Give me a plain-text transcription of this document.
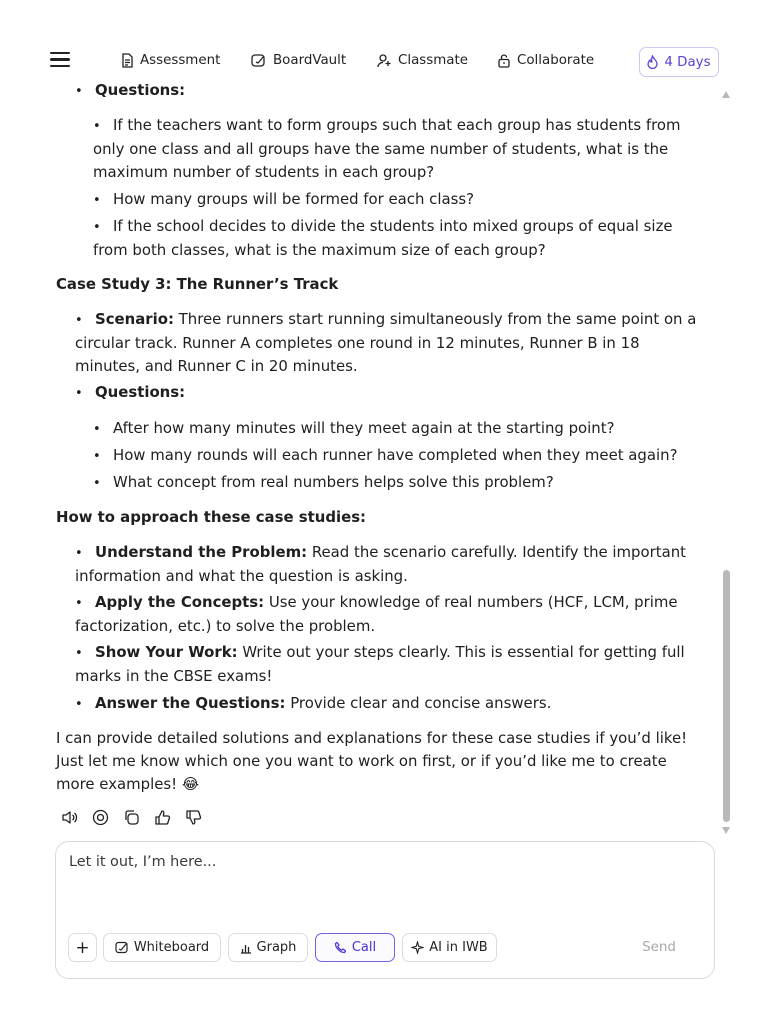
Assessment	BoardVault	Classmate	Collaborate	4 Days
• Questions:
• If the teachers want to form groups such that each group has students from only one class and all groups have the same number of students, what is the maximum number of students in each group?
• How many groups will be formed for each class?
• If the school decides to divide the students into mixed groups of equal size from both classes, what is the maximum size of each group?
Case Study 3: The Runner’s Track
• Scenario: Three runners start running simultaneously from the same point on a circular track. Runner A completes one round in 12 minutes, Runner B in 18 minutes, and Runner C in 20 minutes.
• Questions:
• After how many minutes will they meet again at the starting point?
• How many rounds will each runner have completed when they meet again?
• What concept from real numbers helps solve this problem?
How to approach these case studies:
• Understand the Problem: Read the scenario carefully. Identify the important information and what the question is asking.
• Apply the Concepts: Use your knowledge of real numbers (HCF, LCM, prime factorization, etc.) to solve the problem.
• Show Your Work: Write out your steps clearly. This is essential for getting full marks in the CBSE exams!
• Answer the Questions: Provide clear and concise answers.
I can provide detailed solutions and explanations for these case studies if you’d like! Just let me know which one you want to work on first, or if you’d like me to create more examples! 😂
Let it out, I’m here...
+	Whiteboard	Graph	Call	AI in IWB	Send
